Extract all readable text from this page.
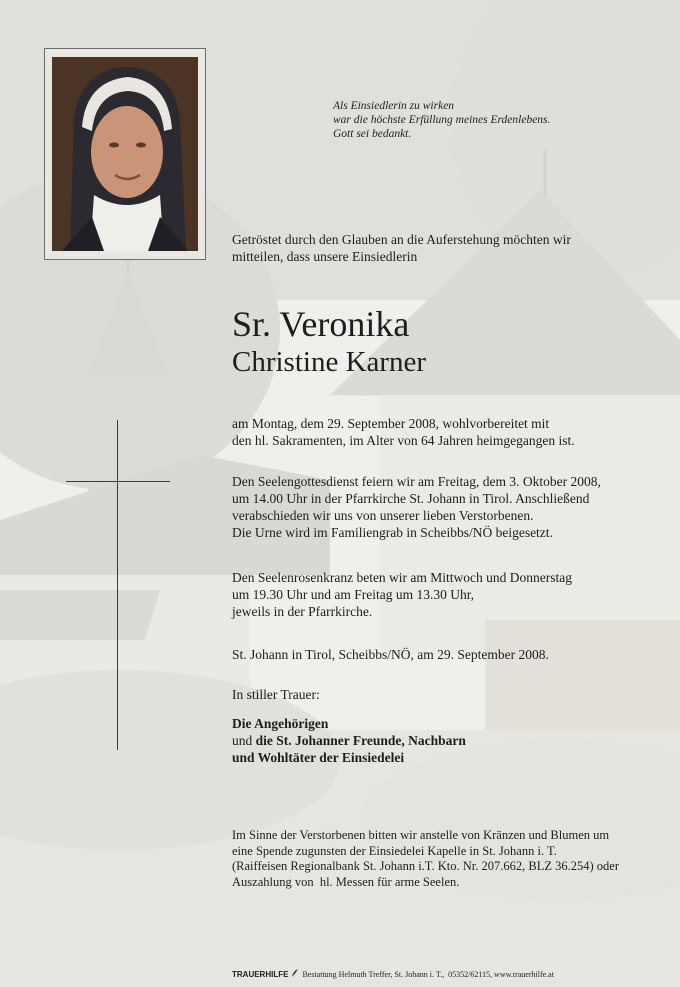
Als Einsiedlerin zu wirken
war die höchste Erfüllung meines Erdenlebens.
Gott sei bedankt.
Getröstet durch den Glauben an die Auferstehung möchten wir
mitteilen, dass unsere Einsiedlerin
Sr. Veronika
Christine Karner
am Montag, dem 29. September 2008, wohlvorbereitet mit
den hl. Sakramenten, im Alter von 64 Jahren heimgegangen ist.
Den Seelengottesdienst feiern wir am Freitag, dem 3. Oktober 2008,
um 14.00 Uhr in der Pfarrkirche St. Johann in Tirol. Anschließend
verabschieden wir uns von unserer lieben Verstorbenen.
Die Urne wird im Familiengrab in Scheibbs/NÖ beigesetzt.
Den Seelenrosenkranz beten wir am Mittwoch und Donnerstag
um 19.30 Uhr und am Freitag um 13.30 Uhr,
jeweils in der Pfarrkirche.
St. Johann in Tirol, Scheibbs/NÖ, am 29. September 2008.
In stiller Trauer:
Die Angehörigen
und die St. Johanner Freunde, Nachbarn
und Wohltäter der Einsiedelei
Im Sinne der Verstorbenen bitten wir anstelle von Kränzen und Blumen um
eine Spende zugunsten der Einsiedelei Kapelle in St. Johann i. T.
(Raiffeisen Regionalbank St. Johann i.T. Kto. Nr. 207.662, BLZ 36.254) oder
Auszahlung von  hl. Messen für arme Seelen.
TRAUERHILFE Bestattung Helmuth Treffer, St. Johann i. T.,  05352/62115, www.trauerhilfe.at
